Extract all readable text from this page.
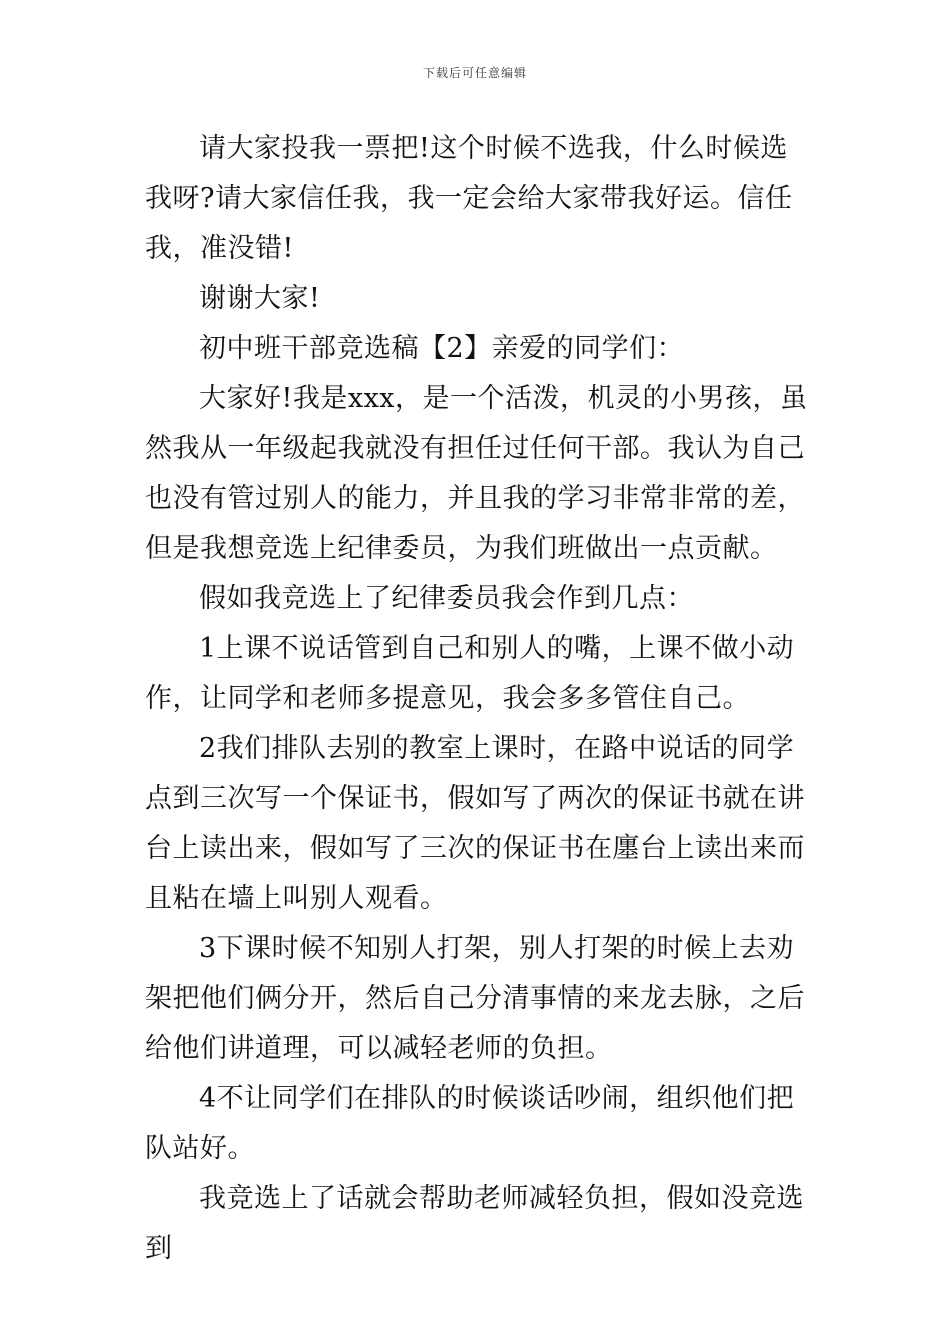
下载后可任意编辑

请大家投我一票把!这个时候不选我，什么时候选我呀?请大家信任我，我一定会给大家带我好运。信任我，准没错!

谢谢大家!

初中班干部竞选稿【2】亲爱的同学们：

大家好!我是xxx，是一个活泼，机灵的小男孩，虽然我从一年级起我就没有担任过任何干部。我认为自己也没有管过别人的能力，并且我的学习非常非常的差，但是我想竞选上纪律委员，为我们班做出一点贡献。

假如我竞选上了纪律委员我会作到几点：

1上课不说话管到自己和别人的嘴，上课不做小动作，让同学和老师多提意见，我会多多管住自己。

2我们排队去别的教室上课时，在路中说话的同学点到三次写一个保证书，假如写了两次的保证书就在讲台上读出来，假如写了三次的保证书在廛台上读出来而且粘在墙上叫别人观看。

3下课时候不知别人打架，别人打架的时候上去劝架把他们俩分开，然后自己分清事情的来龙去脉，之后给他们讲道理，可以减轻老师的负担。

4不让同学们在排队的时候谈话吵闹，组织他们把队站好。

我竞选上了话就会帮助老师减轻负担，假如没竞选到
